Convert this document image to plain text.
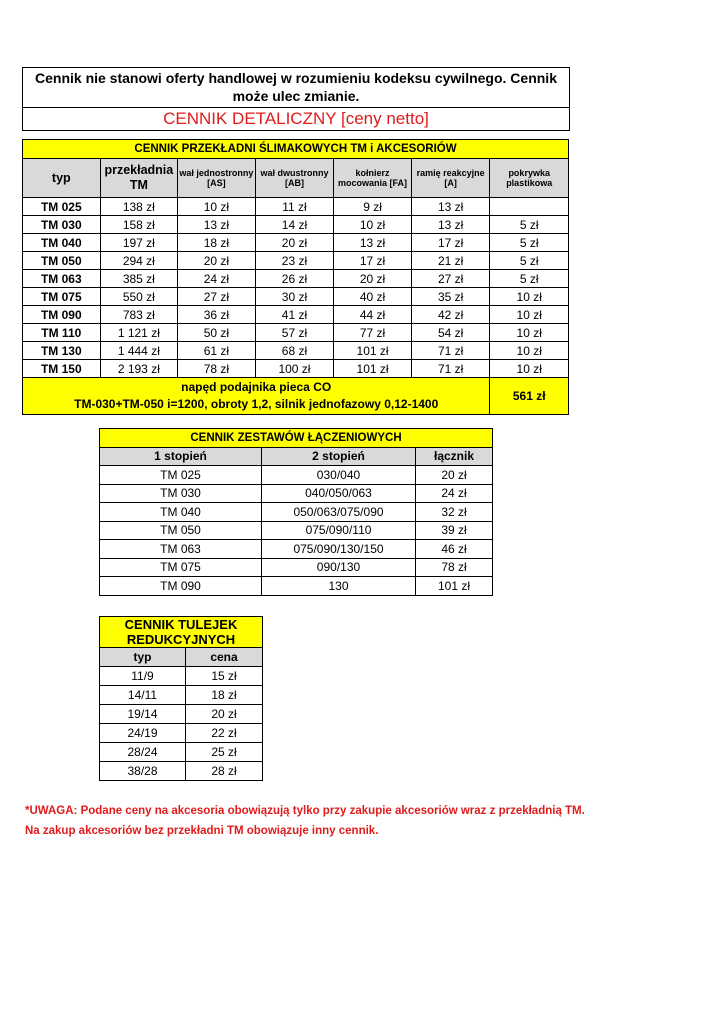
Cennik nie stanowi oferty handlowej w rozumieniu kodeksu cywilnego. Cennik może ulec zmianie.
CENNIK DETALICZNY [ceny netto]
CENNIK PRZEKŁADNI ŚLIMAKOWYCH TM i AKCESORIÓW						
typ	przekładnia TM	wał jednostronny [AS]	wał dwustronny [AB]	kołnierz mocowania [FA]	ramię reakcyjne [A]	pokrywka plastikowa
TM 025	138 zł	10 zł	11 zł	9 zł	13 zł	
TM 030	158 zł	13 zł	14 zł	10 zł	13 zł	5 zł
TM 040	197 zł	18 zł	20 zł	13 zł	17 zł	5 zł
TM 050	294 zł	20 zł	23 zł	17 zł	21 zł	5 zł
TM 063	385 zł	24 zł	26 zł	20 zł	27 zł	5 zł
TM 075	550 zł	27 zł	30 zł	40 zł	35 zł	10 zł
TM 090	783 zł	36 zł	41 zł	44 zł	42 zł	10 zł
TM 110	1 121 zł	50 zł	57 zł	77 zł	54 zł	10 zł
TM 130	1 444 zł	61 zł	68 zł	101 zł	71 zł	10 zł
TM 150	2 193 zł	78 zł	100 zł	101 zł	71 zł	10 zł

napęd podajnika pieca CO
TM-030+TM-050 i=1200, obroty 1,2, silnik jednofazowy 0,12-1400						561 zł
CENNIK ZESTAWÓW ŁĄCZENIOWYCH		
1 stopień	2 stopień	łącznik
TM 025	030/040	20 zł
TM 030	040/050/063	24 zł
TM 040	050/063/075/090	32 zł
TM 050	075/090/110	39 zł
TM 063	075/090/130/150	46 zł
TM 075	090/130	78 zł
TM 090	130	101 zł
CENNIK TULEJEK REDUKCYJNYCH	
typ	cena
11/9	15 zł
14/11	18 zł
19/14	20 zł
24/19	22 zł
28/24	25 zł
38/28	28 zł
*UWAGA: Podane ceny na akcesoria obowiązują tylko przy zakupie akcesoriów wraz z przekładnią TM.
Na zakup akcesoriów bez przekładni TM obowiązuje inny cennik.
